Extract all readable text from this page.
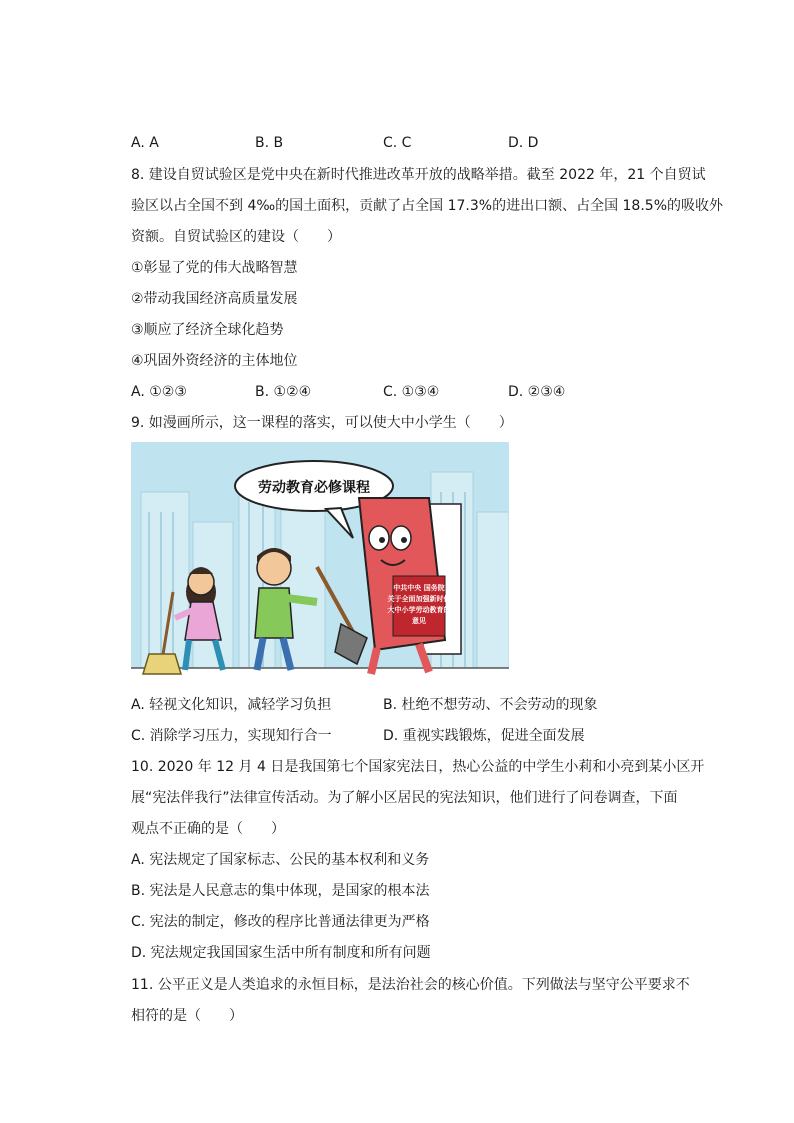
A. A	B. B	C. C	D. D
8. 建设自贸试验区是党中央在新时代推进改革开放的战略举措。截至 2022 年，21 个自贸试
验区以占全国不到 4‰的国土面积，贡献了占全国 17.3%的进出口额、占全国 18.5%的吸收外
资额。自贸试验区的建设（　　）
①彰显了党的伟大战略智慧
②带动我国经济高质量发展
③顺应了经济全球化趋势
④巩固外资经济的主体地位
A. ①②③	B. ①②④	C. ①③④	D. ②③④
9. 如漫画所示，这一课程的落实，可以使大中小学生（　　）
劳动教育必修课程
中共中央 国务院
关于全面加强新时代
大中小学劳动教育的
意见
A. 轻视文化知识，减轻学习负担	B. 杜绝不想劳动、不会劳动的现象
C. 消除学习压力，实现知行合一	D. 重视实践锻炼，促进全面发展
10. 2020 年 12 月 4 日是我国第七个国家宪法日，热心公益的中学生小莉和小亮到某小区开
展“宪法伴我行”法律宣传活动。为了解小区居民的宪法知识，他们进行了问卷调查，下面
观点不正确的是（　　）
A. 宪法规定了国家标志、公民的基本权利和义务
B. 宪法是人民意志的集中体现，是国家的根本法
C. 宪法的制定，修改的程序比普通法律更为严格
D. 宪法规定我国国家生活中所有制度和所有问题
11. 公平正义是人类追求的永恒目标，是法治社会的核心价值。下列做法与坚守公平要求不
相符的是（　　）
